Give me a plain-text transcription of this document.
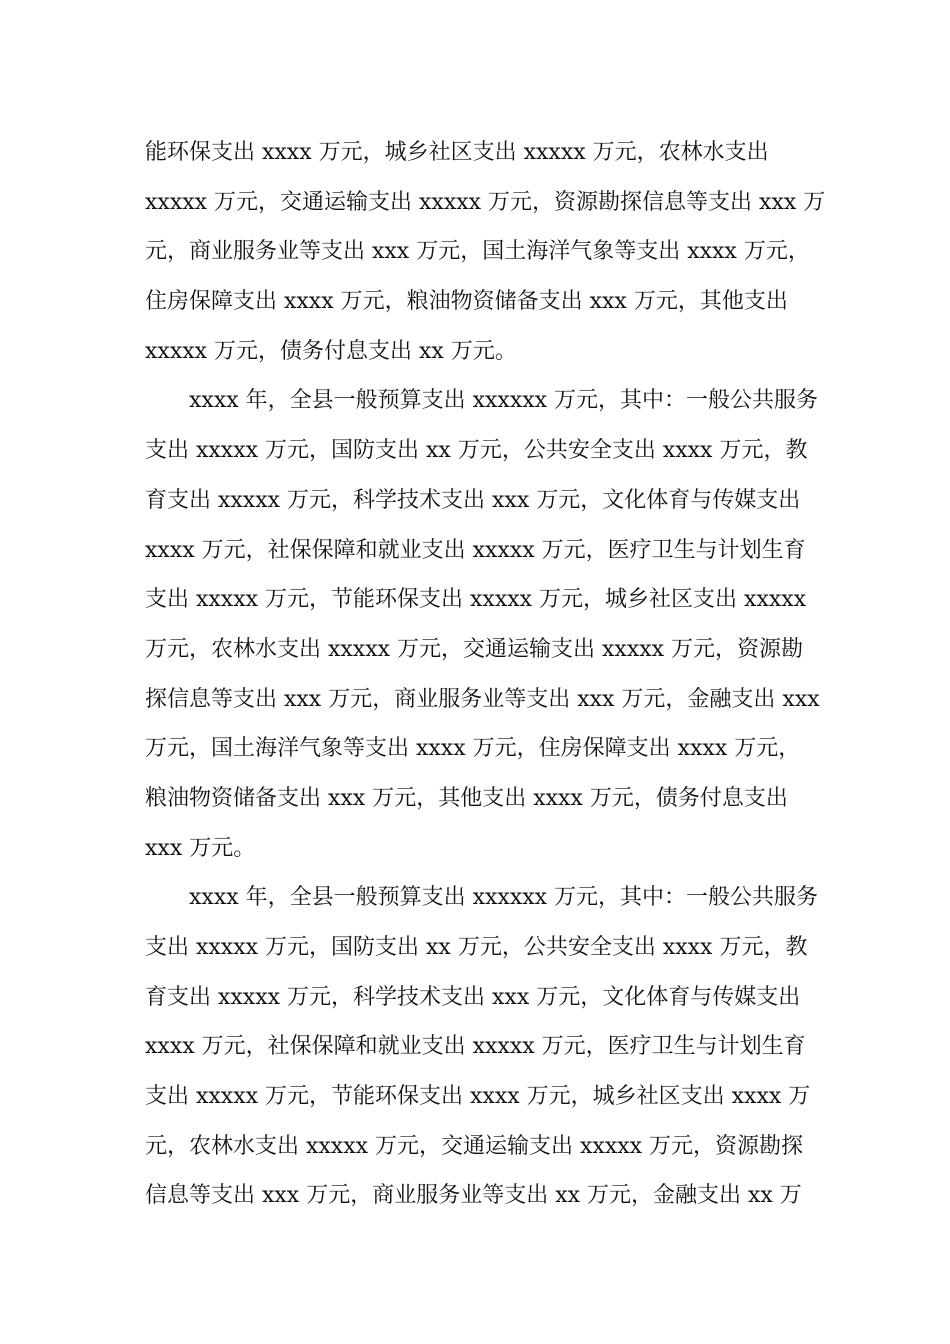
能环保支出 xxxx 万元，城乡社区支出 xxxxx 万元，农林水支出
xxxxx 万元，交通运输支出 xxxxx 万元，资源勘探信息等支出 xxx 万
元，商业服务业等支出 xxx 万元，国土海洋气象等支出 xxxx 万元，
住房保障支出 xxxx 万元，粮油物资储备支出 xxx 万元，其他支出
xxxxx 万元，债务付息支出 xx 万元。
xxxx 年，全县一般预算支出 xxxxxx 万元，其中：一般公共服务
支出 xxxxx 万元，国防支出 xx 万元，公共安全支出 xxxx 万元，教
育支出 xxxxx 万元，科学技术支出 xxx 万元，文化体育与传媒支出
xxxx 万元，社保保障和就业支出 xxxxx 万元，医疗卫生与计划生育
支出 xxxxx 万元，节能环保支出 xxxxx 万元，城乡社区支出 xxxxx
万元，农林水支出 xxxxx 万元，交通运输支出 xxxxx 万元，资源勘
探信息等支出 xxx 万元，商业服务业等支出 xxx 万元，金融支出 xxx
万元，国土海洋气象等支出 xxxx 万元，住房保障支出 xxxx 万元，
粮油物资储备支出 xxx 万元，其他支出 xxxx 万元，债务付息支出
xxx 万元。
xxxx 年，全县一般预算支出 xxxxxx 万元，其中：一般公共服务
支出 xxxxx 万元，国防支出 xx 万元，公共安全支出 xxxx 万元，教
育支出 xxxxx 万元，科学技术支出 xxx 万元，文化体育与传媒支出
xxxx 万元，社保保障和就业支出 xxxxx 万元，医疗卫生与计划生育
支出 xxxxx 万元，节能环保支出 xxxx 万元，城乡社区支出 xxxx 万
元，农林水支出 xxxxx 万元，交通运输支出 xxxxx 万元，资源勘探
信息等支出 xxx 万元，商业服务业等支出 xx 万元，金融支出 xx 万
